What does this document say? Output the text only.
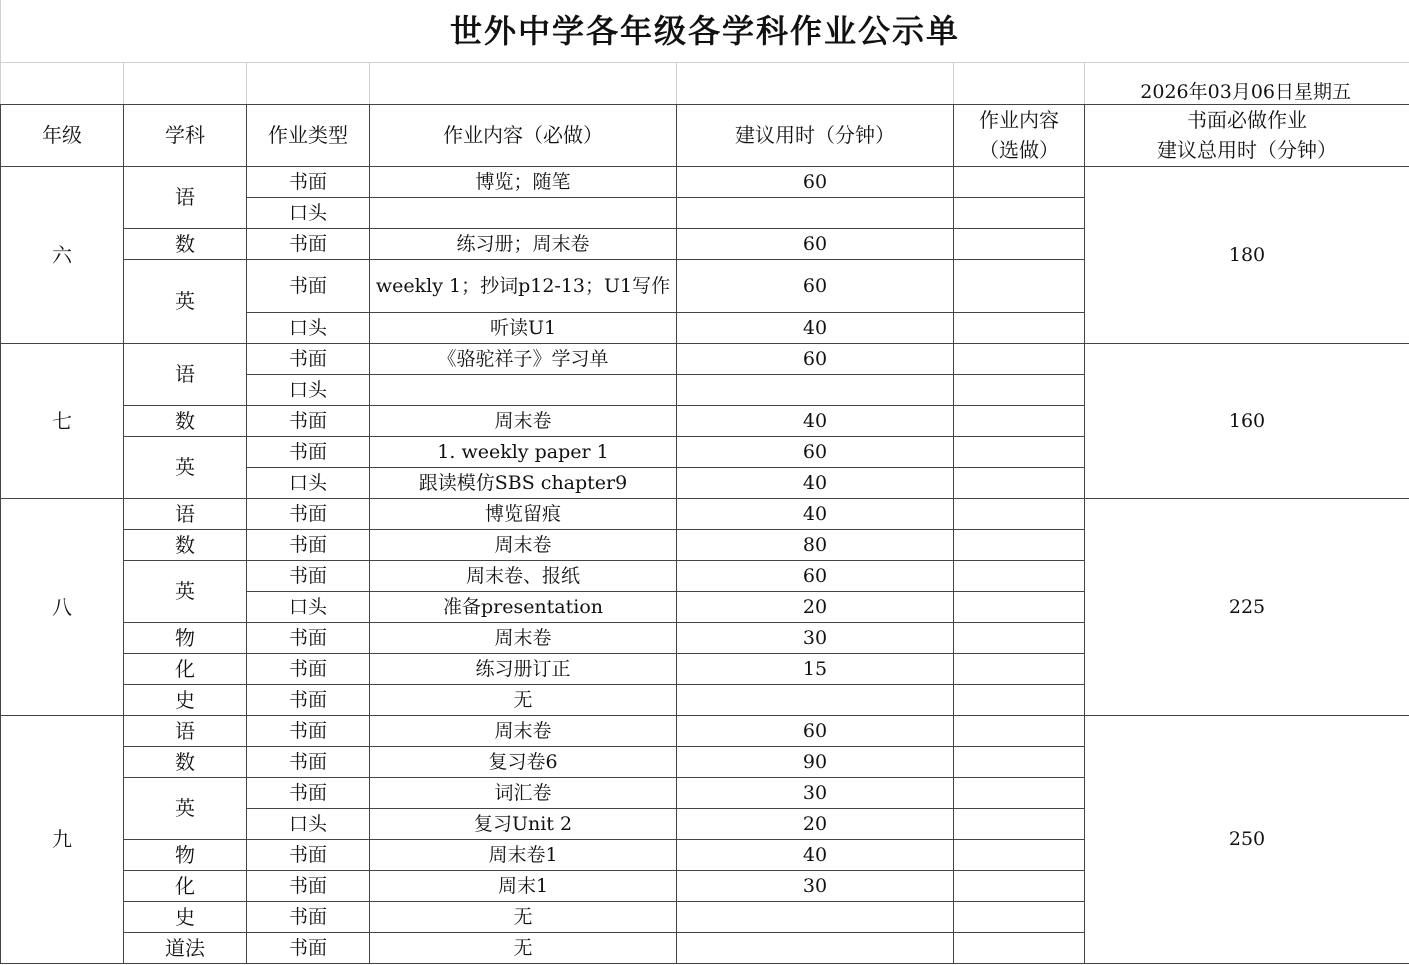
世外中学各年级各学科作业公示单						
						2026年03月06日星期五
年级	学科	作业类型	作业内容（必做）	建议用时（分钟）	作业内容
（选做）	书面必做作业
建议总用时（分钟）

六	语	书面	博览；随笔	60		180
		口头				
	数	书面	练习册；周末卷	60		
	英	书面	weekly 1；抄词p12-13；U1写作	60		
		口头	听读U1	40		
七	语	书面	《骆驼祥子》学习单	60		160
		口头				
	数	书面	周末卷	40		
	英	书面	1. weekly paper 1	60		
		口头	跟读模仿SBS chapter9	40		
八	语	书面	博览留痕	40		225
	数	书面	周末卷	80		
	英	书面	周末卷、报纸	60		
		口头	准备presentation	20		
	物	书面	周末卷	30		
	化	书面	练习册订正	15		
	史	书面	无			
九	语	书面	周末卷	60		250
	数	书面	复习卷6	90		
	英	书面	词汇卷	30		
		口头	复习Unit 2	20		
	物	书面	周末卷1	40		
	化	书面	周末1	30		
	史	书面	无			
	道法	书面	无			
